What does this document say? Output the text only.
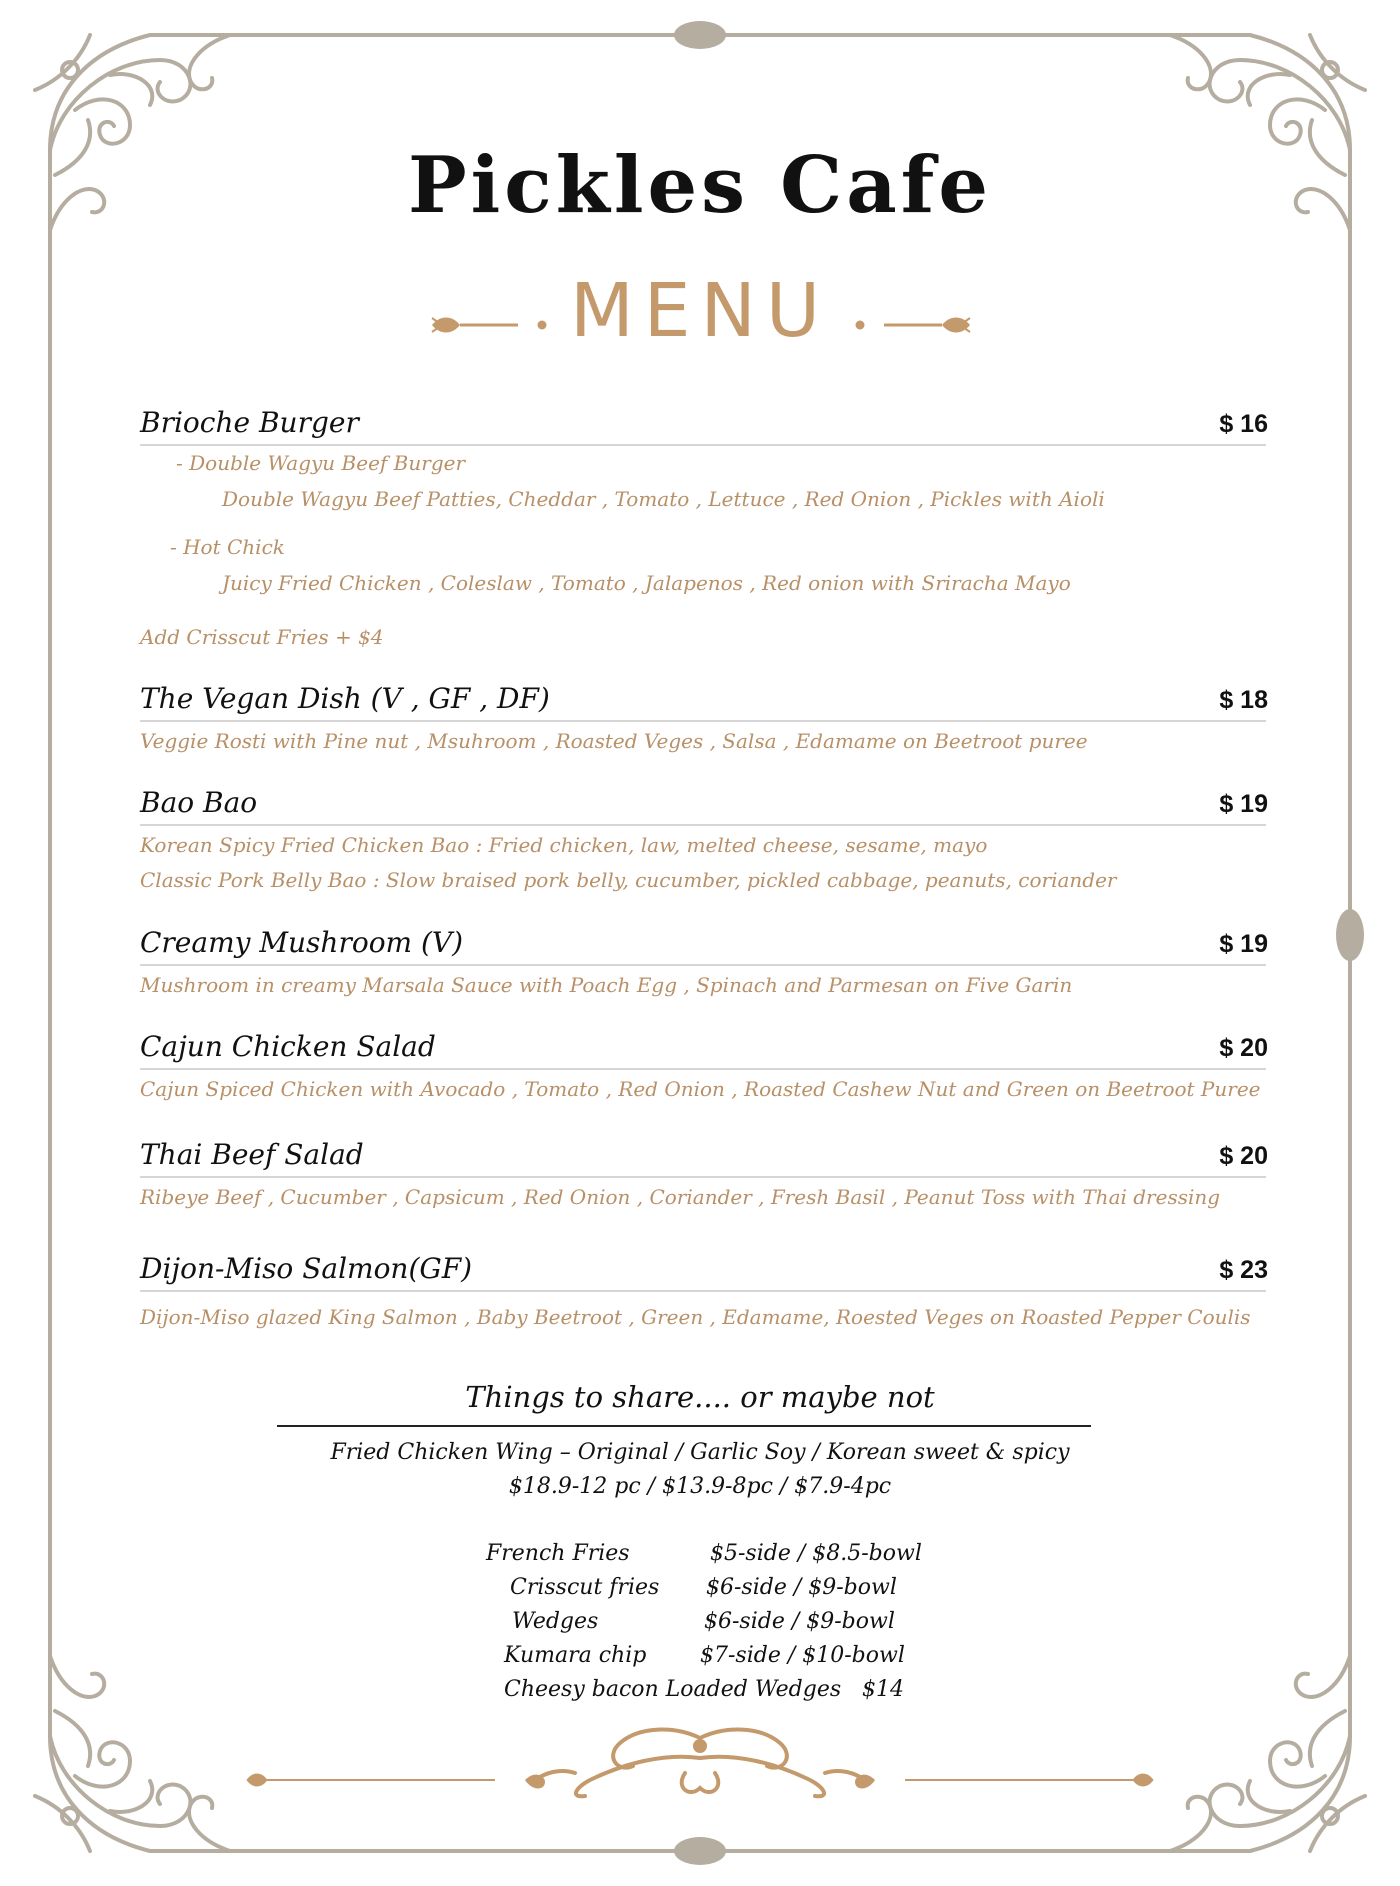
Pickles Cafe
MENU
Brioche Burger	$ 16
- Double Wagyu Beef Burger
Double Wagyu Beef Patties, Cheddar , Tomato , Lettuce , Red Onion , Pickles with Aioli
- Hot Chick
Juicy Fried Chicken , Coleslaw , Tomato , Jalapenos , Red onion with Sriracha Mayo
Add Crisscut Fries + $4
The Vegan Dish (V , GF , DF)	$ 18
Veggie Rosti with Pine nut , Msuhroom , Roasted Veges , Salsa , Edamame on Beetroot puree
Bao Bao	$ 19
Korean Spicy Fried Chicken Bao : Fried chicken, law, melted cheese, sesame, mayo
Classic Pork Belly Bao : Slow braised pork belly, cucumber, pickled cabbage, peanuts, coriander
Creamy Mushroom (V)	$ 19
Mushroom in creamy Marsala Sauce with Poach Egg , Spinach and Parmesan on Five Garin
Cajun Chicken Salad	$ 20
Cajun Spiced Chicken with Avocado , Tomato , Red Onion , Roasted Cashew Nut and Green on Beetroot Puree
Thai Beef Salad	$ 20
Ribeye Beef , Cucumber , Capsicum , Red Onion , Coriander , Fresh Basil , Peanut Toss with Thai dressing
Dijon-Miso Salmon(GF)	$ 23
Dijon-Miso glazed King Salmon , Baby Beetroot , Green , Edamame, Roested Veges on Roasted Pepper Coulis
Things to share.... or maybe not
Fried Chicken Wing – Original / Garlic Soy / Korean sweet & spicy
$18.9-12 pc / $13.9-8pc / $7.9-4pc
French Fries	$5-side / $8.5-bowl
Crisscut fries $6-side / $9-bowl
Wedges	$6-side / $9-bowl
Kumara chip $7-side / $10-bowl
Cheesy bacon Loaded Wedges $14
